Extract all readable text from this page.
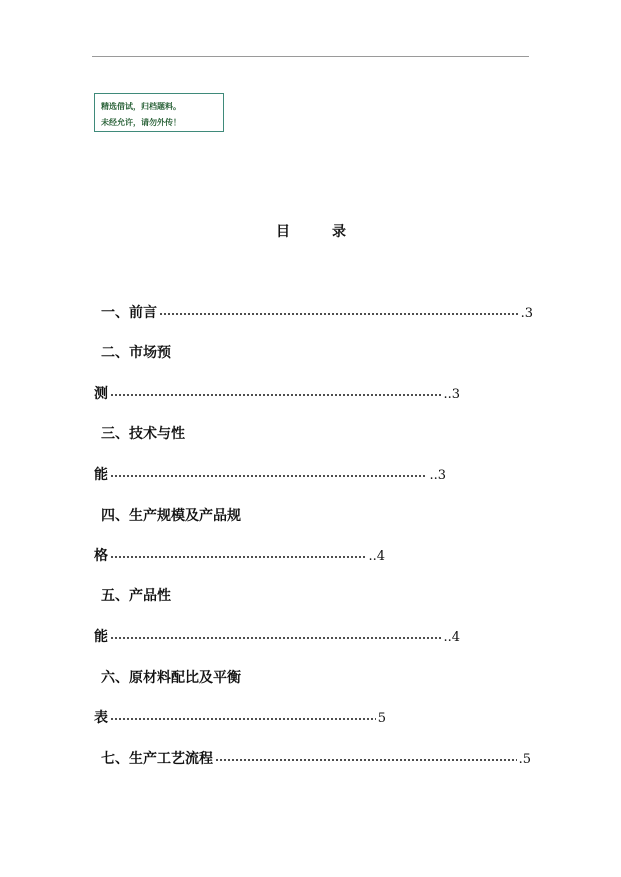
精选借试，归档题料。
未经允许，请勿外传！
目	录
一、前言	.3
二、市场预
测	..3
三、技术与性
能	..3
四、生产规模及产品规
格	..4
五、产品性
能	..4
六、原材料配比及平衡
表	5
七、生产工艺流程	.5
